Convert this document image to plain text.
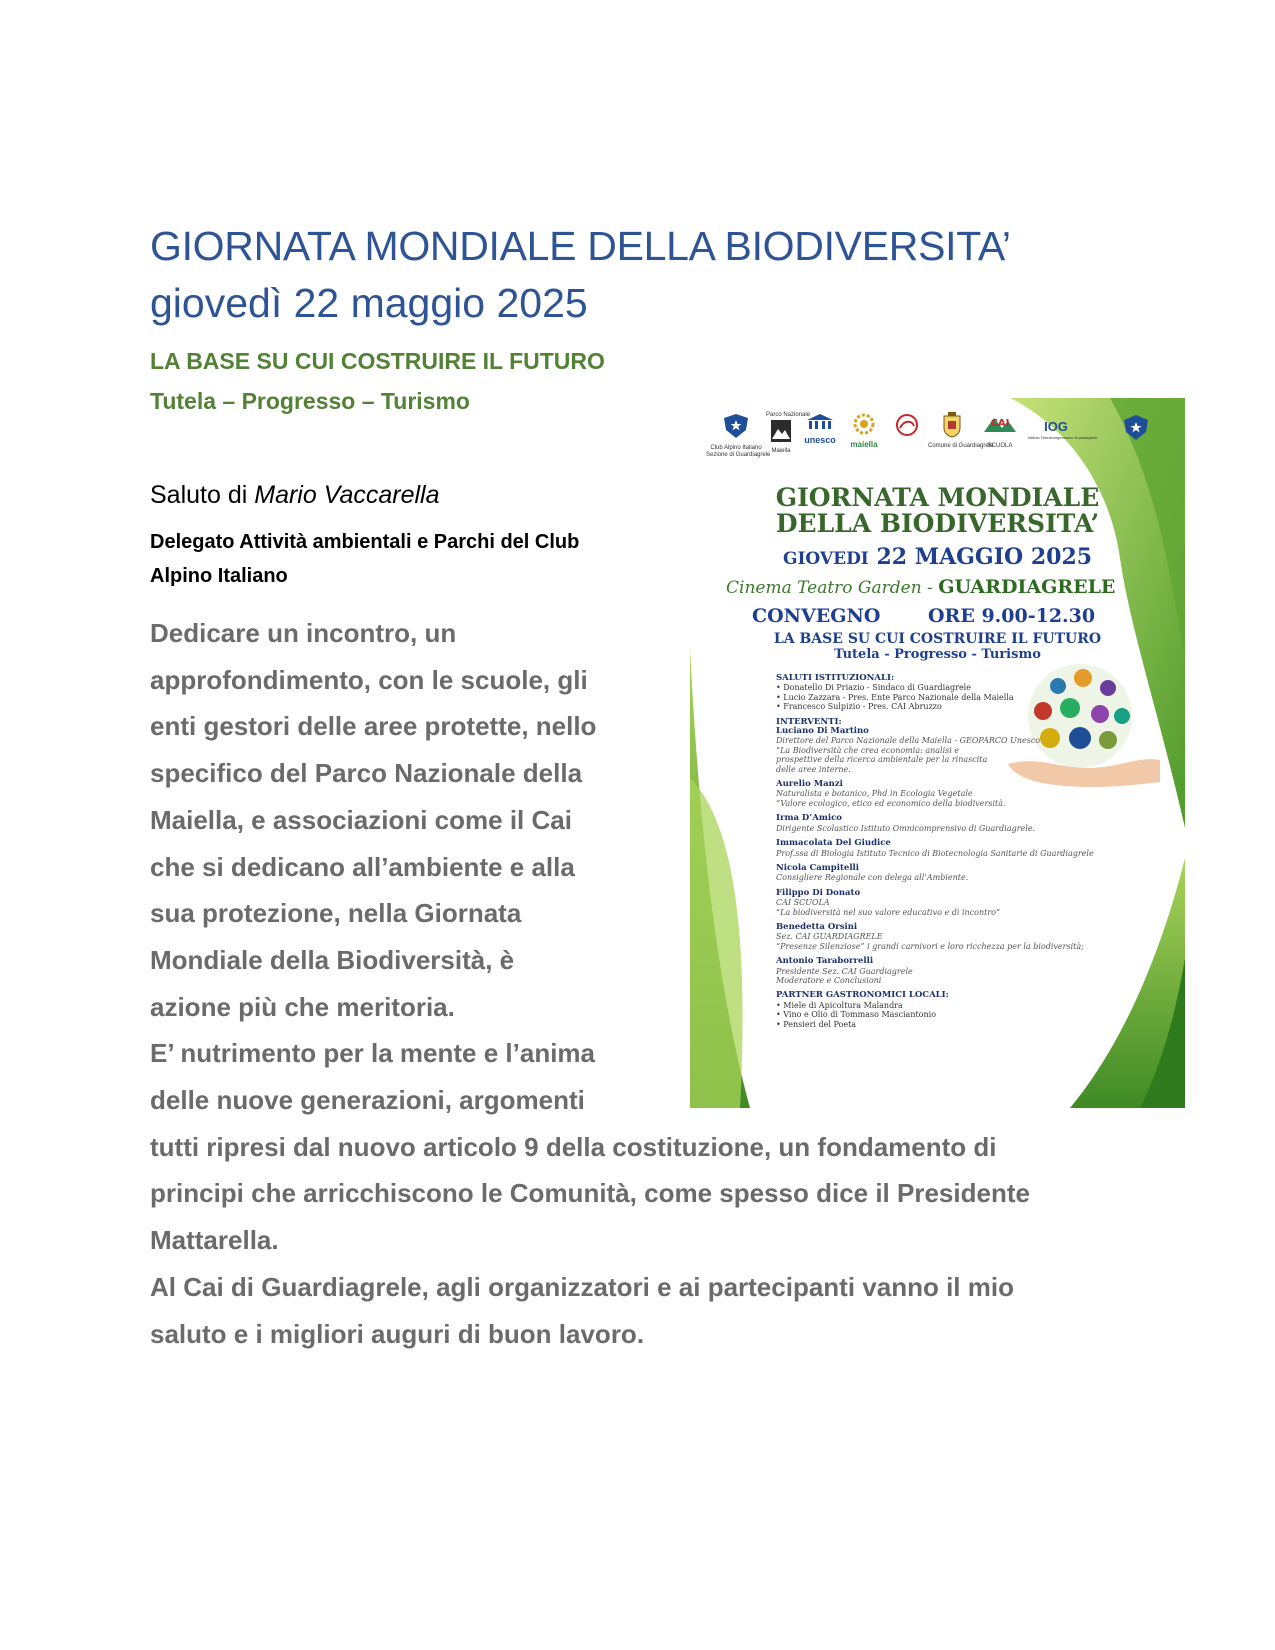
GIORNATA MONDIALE DELLA BIODIVERSITA’
giovedì 22 maggio 2025
LA BASE SU CUI COSTRUIRE IL FUTURO
Tutela – Progresso – Turismo
Saluto di Mario Vaccarella
Delegato Attività ambientali e Parchi del Club Alpino Italiano
Dedicare un incontro, un
approfondimento, con le scuole, gli
enti gestori delle aree protette, nello
specifico del Parco Nazionale della
Maiella, e associazioni come il Cai
che si dedicano all’ambiente e alla
sua protezione, nella Giornata
Mondiale della Biodiversità, è
azione più che meritoria.
E’ nutrimento per la mente e l’anima
delle nuove generazioni, argomenti
tutti ripresi dal nuovo articolo 9 della costituzione, un fondamento di
principi che arricchiscono le Comunità, come spesso dice il Presidente
Mattarella.
Al Cai di Guardiagrele, agli organizzatori e ai partecipanti vanno il mio
saluto e i migliori auguri di buon lavoro.
Club Alpino Italiano
Sezione di Guardiagrele
Parco Nazionale
Maiella
unesco	maiella	Comune di Guardiagrele
CAI
SCUOLA
IOG
Istituto Omnicomprensivo Guardiagrele
GIORNATA MONDIALE
DELLA BIODIVERSITA’
GIOVEDI 22 MAGGIO 2025
Cinema Teatro Garden - GUARDIAGRELE
CONVEGNO	ORE 9.00-12.30
LA BASE SU CUI COSTRUIRE IL FUTURO
Tutela - Progresso - Turismo
SALUTI ISTITUZIONALI:
• Donatello Di Priazio - Sindaco di Guardiagrele
• Lucio Zazzara - Pres. Ente Parco Nazionale della Maiella
• Francesco Sulpizio - Pres. CAI Abruzzo
INTERVENTI:
Luciano Di Martino
Direttore del Parco Nazionale della Maiella - GEOPARCO Unesco
“La Biodiversità che crea economia: analisi e
prospettive della ricerca ambientale per la rinascita
delle aree interne.
Aurelio Manzi
Naturalista e botanico, Phd in Ecologia Vegetale
“Valore ecologico, etico ed economico della biodiversità.
Irma D’Amico
Dirigente Scolastico Istituto Omnicomprensivo di Guardiagrele.
Immacolata Del Giudice
Prof.ssa di Biologia Istituto Tecnico di Biotecnologia Sanitarie di Guardiagrele
Nicola Campitelli
Consigliere Regionale con delega all’Ambiente.
Filippo Di Donato
CAI SCUOLA
“La biodiversità nel suo valore educativo e di incontro”
Benedetta Orsini
Sez. CAI GUARDIAGRELE
“Presenze Silenziose” i grandi carnivori e loro ricchezza per la biodiversità;
Antonio Taraborrelli
Presidente Sez. CAI Guardiagrele
Moderatore e Conclusioni
PARTNER GASTRONOMICI LOCALI:
• Miele di Apicoltura Malandra
• Vino e Olio di Tommaso Masciantonio
• Pensieri del Poeta
